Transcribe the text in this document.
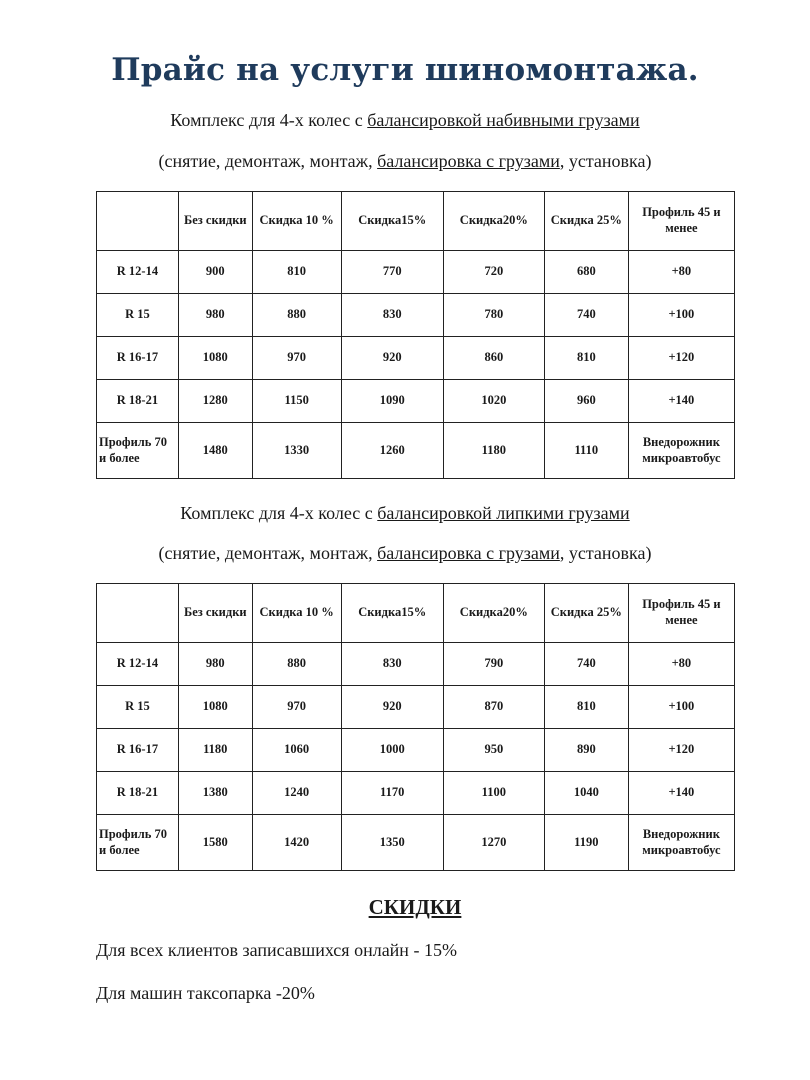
Прайс на услуги шиномонтажа.
Комплекс для 4-х колес с балансировкой набивными грузами
(снятие, демонтаж, монтаж, балансировка с грузами, установка)
	Без скидки	Скидка 10 %	Скидка15%	Скидка20%	Скидка 25%	Профиль 45 и менее
R 12-14	900	810	770	720	680	+80
R 15	980	880	830	780	740	+100
R 16-17	1080	970	920	860	810	+120
R 18-21	1280	1150	1090	1020	960	+140
Профиль 70 и более	1480	1330	1260	1180	1110	Внедорожник микроавтобус
Комплекс для 4-х колес с балансировкой липкими грузами
(снятие, демонтаж, монтаж, балансировка с грузами, установка)
	Без скидки	Скидка 10 %	Скидка15%	Скидка20%	Скидка 25%	Профиль 45 и менее
R 12-14	980	880	830	790	740	+80
R 15	1080	970	920	870	810	+100
R 16-17	1180	1060	1000	950	890	+120
R 18-21	1380	1240	1170	1100	1040	+140
Профиль 70 и более	1580	1420	1350	1270	1190	Внедорожник микроавтобус
СКИДКИ
Для всех клиентов записавшихся онлайн - 15%
Для машин таксопарка -20%
